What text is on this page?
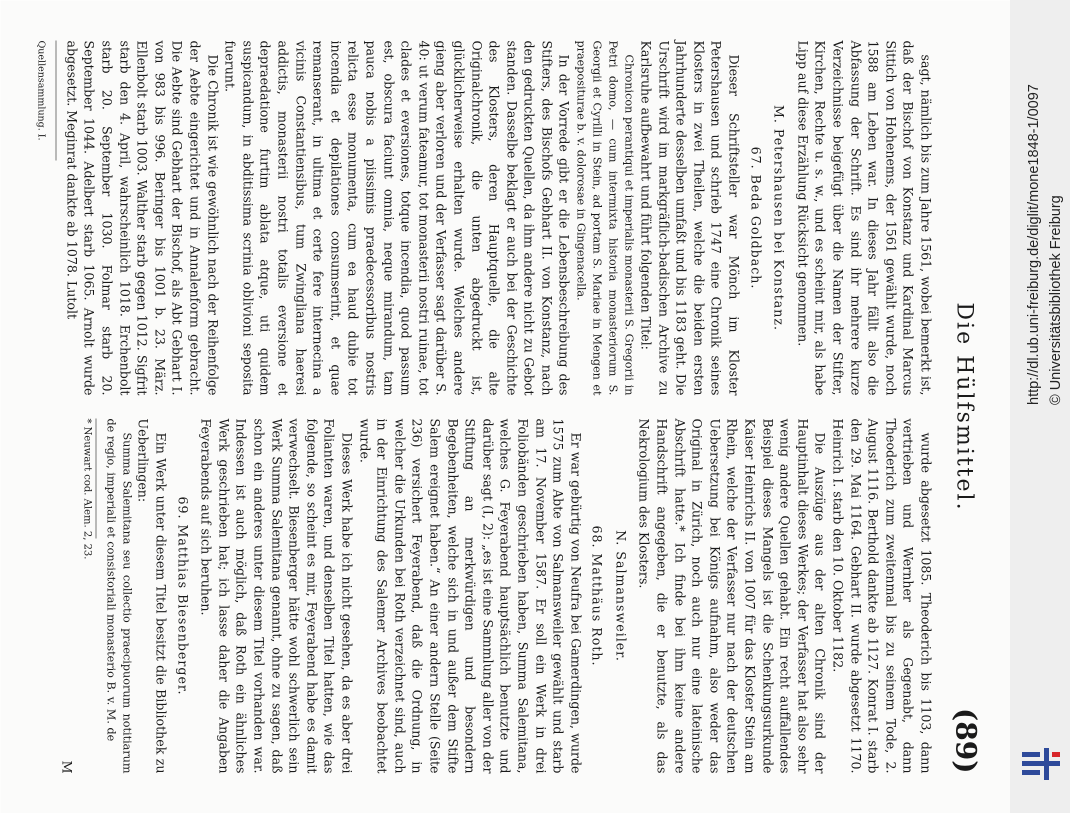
Die Hülfsmittel.
(89)

sagt, nämlich bis zum Jahre 1561, wobei bemerkt ist, daß der Bischof von Konstanz und Kardinal Marcus Sittich von Hohenems, der 1561 gewählt wurde, noch 1588 am Leben war. In dieses Jahr fällt also die Abfassung der Schrift. Es sind ihr mehrere kurze Verzeichnisse beigefügt über die Namen der Stifter, Kirchen, Rechte u. s. w., und es scheint mir, als habe Lipp auf diese Erzählung Rücksicht genommen.

M. Petershausen bei Konstanz.

67. Beda Goldbach.

Dieser Schriftsteller war Mönch im Kloster Petershausen und schrieb 1747 eine Chronik seines Klosters in zwei Theilen, welche die beiden ersten Jahrhunderte desselben umfaßt und bis 1183 geht. Die Urschrift wird im markgräflich-badischen Archive zu Karlsruhe aufbewahrt und führt folgenden Titel:

Chronicon perantiqui et imperialis monasterii S. Gregorii in Petri domo, — cum intermixta historia monasteriorum S. Georgii et Cyrilli in Stein, ad portam S. Mariae in Mengen et praepositurae b. v. dolorosae in Gingenacella.

In der Vorrede gibt er die Lebensbeschreibung des Stifters, des Bischofs Gebhart II. von Konstanz, nach den gedruckten Quellen, da ihm andere nicht zu Gebot standen. Dasselbe beklagt er auch bei der Geschichte des Klosters, deren Hauptquelle, die alte Originalchronik, die unten abgedruckt ist, glücklicherweise erhalten wurde. Welches andere gieng aber verloren und der Verfasser sagt darüber S. 40: ut verum fateamur, tot monasterii nostri ruinae, tot clades et eversiones, totque incendia, quod passum est, obscura faciunt omnia, neque mirandum, tam pauca nobis a piissimis praedecessoribus nostris relicta esse monumenta, cum ea haud dubie tot incendia et depilationes consumserint, et quae remanserant, in ultima et certe fere internecina a vicinis Constantiensibus, tum Zwingliana haeresi addictis, monasterii nostri totalis eversione et depraedatione furtim ablata atque, uti quidem suspicandum, in abditissima scrinia oblivioni seposita fuerunt.

Die Chronik ist wie gewöhnlich nach der Reihenfolge der Aebte eingerichtet und in Annalenform gebracht. Die Aebte sind Gebhart der Bischof, als Abt Gebhart I. von 983 bis 996. Beringer bis 1001 b. 23. März. Ellenbolt starb 1003. Walther starb gegen 1012. Sigfrit starb den 4. April, wahrscheinlich 1018. Erchenbolt starb 20. September 1030. Folmar starb 20. September 1044. Adelbert starb 1065. Arnolt wurde abgesetzt. Meginrat dankte ab 1078. Lutolt

Quellensammlung. I.

wurde abgesetzt 1085. Theoderich bis 1103, dann vertrieben und Wernher als Gegenabt, dann Theoderich zum zweitenmal bis zu seinem Tode, 2. August 1116. Berthold dankte ab 1127. Konrat I. starb den 29. Mai 1164. Gebhart II. wurde abgesetzt 1170. Heinrich I. starb den 10. Oktober 1182.

Die Auszüge aus der alten Chronik sind der Hauptinhalt dieses Werkes; der Verfasser hat also sehr wenig andere Quellen gehabt. Ein recht auffallendes Beispiel dieses Mangels ist die Schenkungsurkunde Kaiser Heinrichs II. von 1007 für das Kloster Stein am Rhein, welche der Verfasser nur nach der deutschen Uebersetzung bei Königs aufnahm, also weder das Original in Zürich, noch auch nur eine lateinische Abschrift hatte.* Ich finde bei ihm keine andere Handschrift angegeben, die er benutzte, als das Nekrologium des Klosters.

N. Salmansweiler.

68. Matthäus Roth.

Er war gebürtig von Neufra bei Gamerdingen, wurde 1575 zum Abte von Salmansweiler gewählt und starb am 17. November 1587. Er soll ein Werk in drei Foliobänden geschrieben haben, Summa Salemitana, welches G. Feyerabend hauptsächlich benutzte und darüber sagt (I, 2): „es ist eine Sammlung aller von der Stiftung an merkwürdigen und besondern Begebenheiten, welche sich in und außer dem Stifte Salem ereignet haben.“ An einer andern Stelle (Seite 236) versichert Feyerabend, daß die Ordnung, in welcher die Urkunden bei Roth verzeichnet sind, auch in der Einrichtung des Salemer Archives beobachtet wurde.

Dieses Werk habe ich nicht gesehen, da es aber drei Folianten waren, und denselben Titel hatten, wie das folgende, so scheint es mir, Feyerabend habe es damit verwechselt. Biesenberger hätte wohl schwerlich sein Werk Summa Salemitana genannt, ohne zu sagen, daß schon ein anderes unter diesem Titel vorhanden war. Indessen ist auch möglich, daß Roth ein ähnliches Werk geschrieben hat; ich lasse daher die Angaben Feyerabends auf sich beruhen.

69. Matthias Biesenberger.

Ein Werk unter diesem Titel besitzt die Bibliothek zu Ueberlingen:

Summa Salemitana seu collectio praecipuorum notitiarum de regio, imperiali et consistoriali monasterio B. v. M. de

* Neuwart cod. Alem. 2, 23.

M

http://dl.ub.uni-freiburg.de/diglit/mone1848-1/0097 © Universitätsbibliothek Freiburg
